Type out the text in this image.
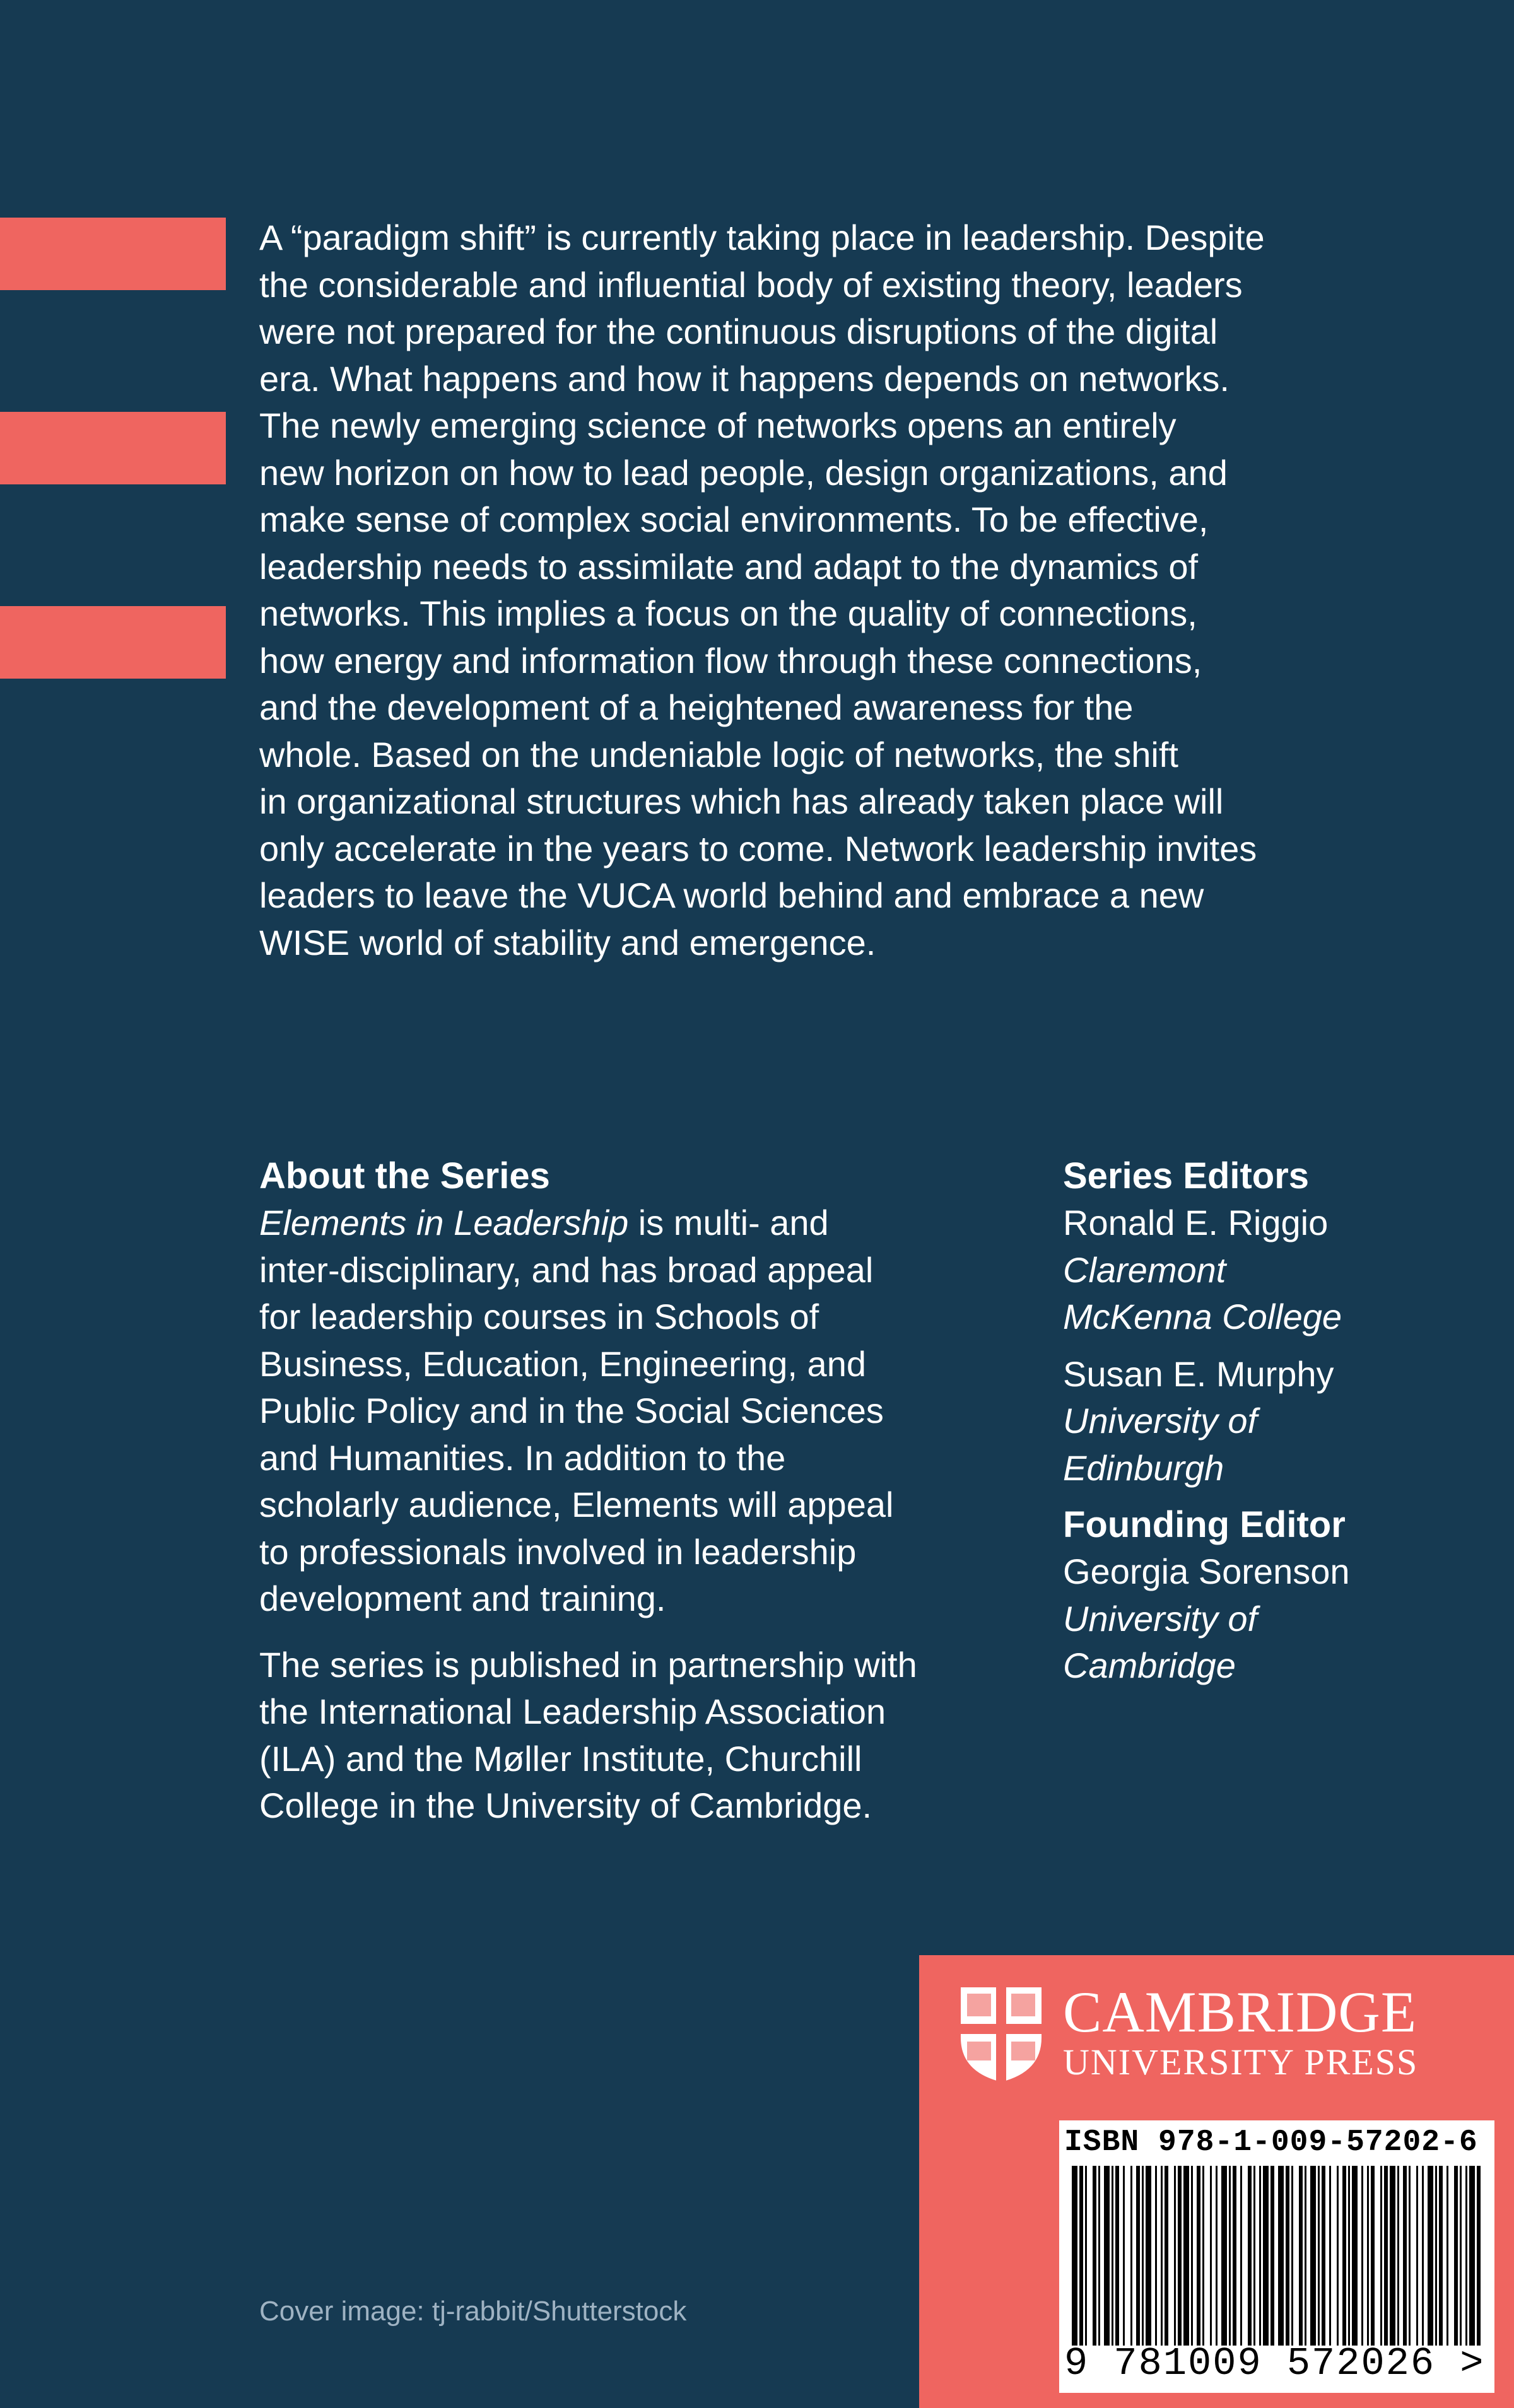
A “paradigm shift” is currently taking place in leadership. Despite
the considerable and influential body of existing theory, leaders
were not prepared for the continuous disruptions of the digital
era. What happens and how it happens depends on networks.
The newly emerging science of networks opens an entirely
new horizon on how to lead people, design organizations, and
make sense of complex social environments. To be effective,
leadership needs to assimilate and adapt to the dynamics of
networks. This implies a focus on the quality of connections,
how energy and information flow through these connections,
and the development of a heightened awareness for the
whole. Based on the undeniable logic of networks, the shift
in organizational structures which has already taken place will
only accelerate in the years to come. Network leadership invites
leaders to leave the VUCA world behind and embrace a new
WISE world of stability and emergence.

About the Series

Elements in Leadership is multi- and
inter-disciplinary, and has broad appeal
for leadership courses in Schools of
Business, Education, Engineering, and
Public Policy and in the Social Sciences
and Humanities. In addition to the
scholarly audience, Elements will appeal
to professionals involved in leadership
development and training.

The series is published in partnership with
the International Leadership Association
(ILA) and the Møller Institute, Churchill
College in the University of Cambridge.

Series Editors
Ronald E. Riggio
Claremont
McKenna College
Susan E. Murphy
University of
Edinburgh
Founding Editor
Georgia Sorenson
University of
Cambridge
Cover image: tj-rabbit/Shutterstock
CAMBRIDGE
UNIVERSITY PRESS
ISBN 978-1-009-57202-6
9 781009 572026 >
